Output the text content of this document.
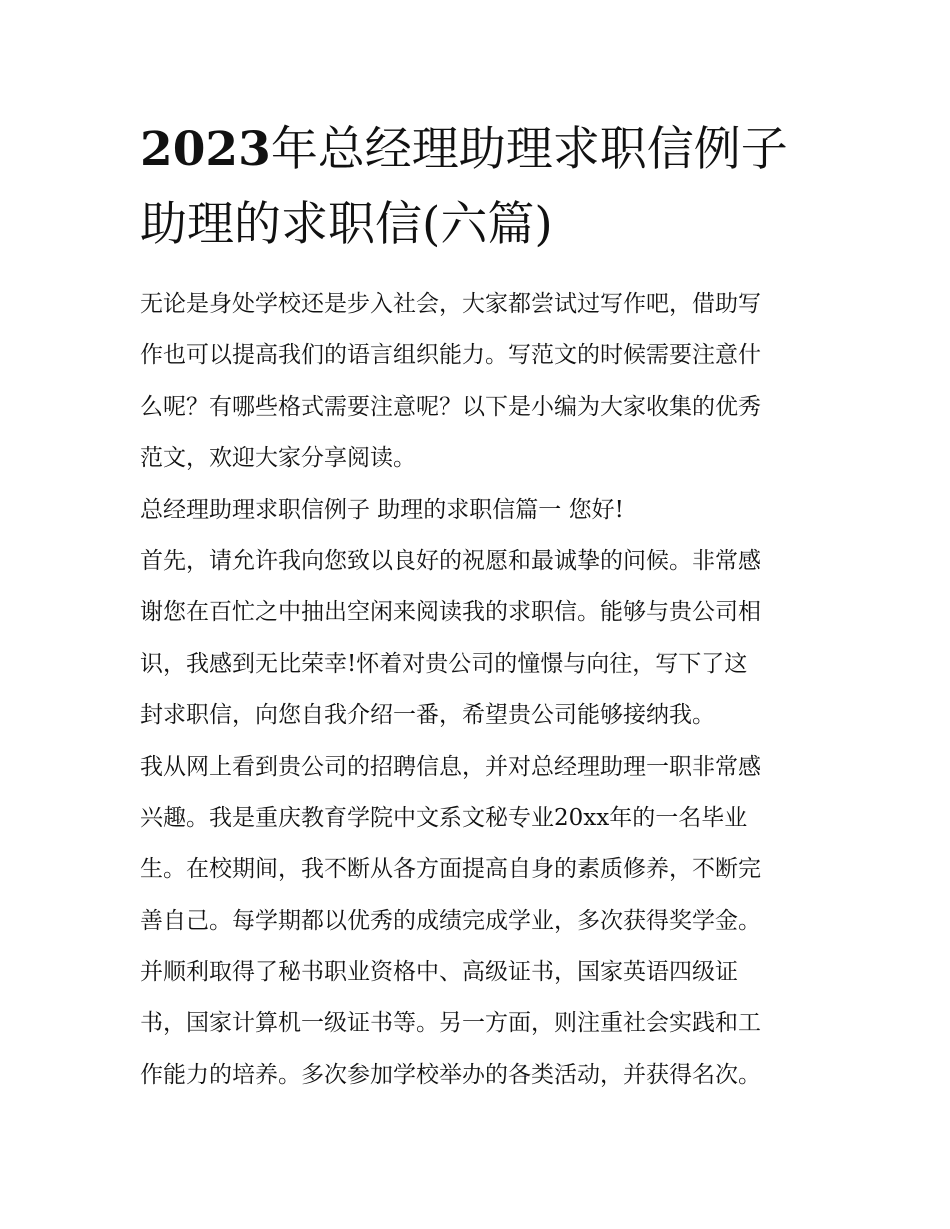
2023年总经理助理求职信例子
助理的求职信(六篇)
无论是身处学校还是步入社会，大家都尝试过写作吧，借助写
作也可以提高我们的语言组织能力。写范文的时候需要注意什
么呢？有哪些格式需要注意呢？以下是小编为大家收集的优秀
范文，欢迎大家分享阅读。
总经理助理求职信例子 助理的求职信篇一 您好!
首先，请允许我向您致以良好的祝愿和最诚挚的问候。非常感
谢您在百忙之中抽出空闲来阅读我的求职信。能够与贵公司相
识，我感到无比荣幸!怀着对贵公司的憧憬与向往，写下了这
封求职信，向您自我介绍一番，希望贵公司能够接纳我。
我从网上看到贵公司的招聘信息，并对总经理助理一职非常感
兴趣。我是重庆教育学院中文系文秘专业20xx年的一名毕业
生。在校期间，我不断从各方面提高自身的素质修养，不断完
善自己。每学期都以优秀的成绩完成学业，多次获得奖学金。
并顺利取得了秘书职业资格中、高级证书，国家英语四级证
书，国家计算机一级证书等。另一方面，则注重社会实践和工
作能力的培养。多次参加学校举办的各类活动，并获得名次。
